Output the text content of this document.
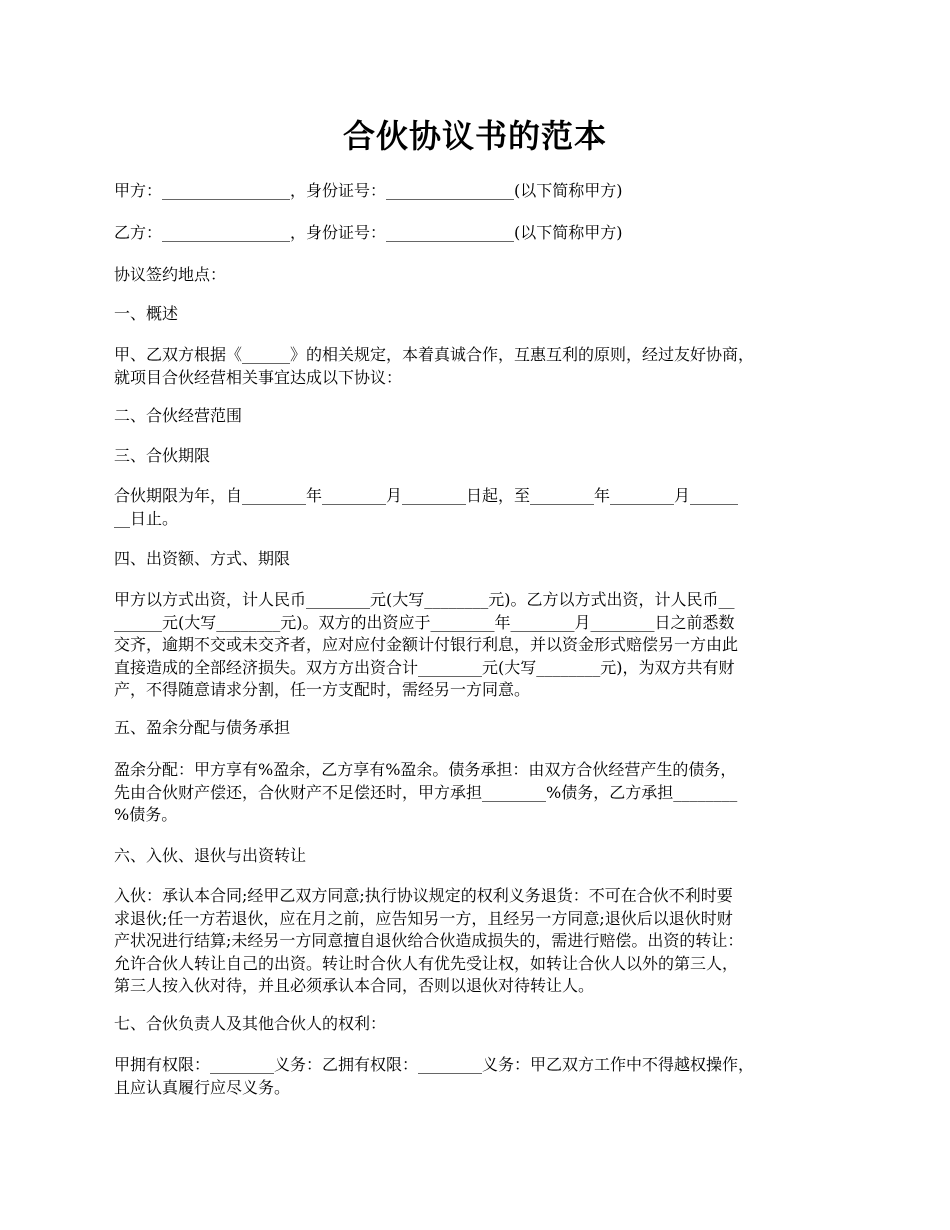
合伙协议书的范本
甲方：________________，身份证号：________________(以下简称甲方)
乙方：________________，身份证号：________________(以下简称甲方)
协议签约地点：
一、概述
甲、乙双方根据《______》的相关规定，本着真诚合作，互惠互利的原则，经过友好协商，
就项目合伙经营相关事宜达成以下协议：
二、合伙经营范围
三、合伙期限
合伙期限为年，自________年________月________日起，至________年________月______
__日止。
四、出资额、方式、期限
甲方以方式出资，计人民币________元(大写________元)。乙方以方式出资，计人民币__
______元(大写________元)。双方的出资应于________年________月________日之前悉数
交齐，逾期不交或未交齐者，应对应付金额计付银行利息，并以资金形式赔偿另一方由此
直接造成的全部经济损失。双方方出资合计________元(大写________元)，为双方共有财
产，不得随意请求分割，任一方支配时，需经另一方同意。
五、盈余分配与债务承担
盈余分配：甲方享有%盈余，乙方享有%盈余。债务承担：由双方合伙经营产生的债务，
先由合伙财产偿还，合伙财产不足偿还时，甲方承担________%债务，乙方承担________
%债务。
六、入伙、退伙与出资转让
入伙：承认本合同;经甲乙双方同意;执行协议规定的权利义务退货：不可在合伙不利时要
求退伙;任一方若退伙，应在月之前，应告知另一方，且经另一方同意;退伙后以退伙时财
产状况进行结算;未经另一方同意擅自退伙给合伙造成损失的，需进行赔偿。出资的转让：
允许合伙人转让自己的出资。转让时合伙人有优先受让权，如转让合伙人以外的第三人，
第三人按入伙对待，并且必须承认本合同，否则以退伙对待转让人。
七、合伙负责人及其他合伙人的权利：
甲拥有权限：________义务：乙拥有权限：________义务：甲乙双方工作中不得越权操作，
且应认真履行应尽义务。
